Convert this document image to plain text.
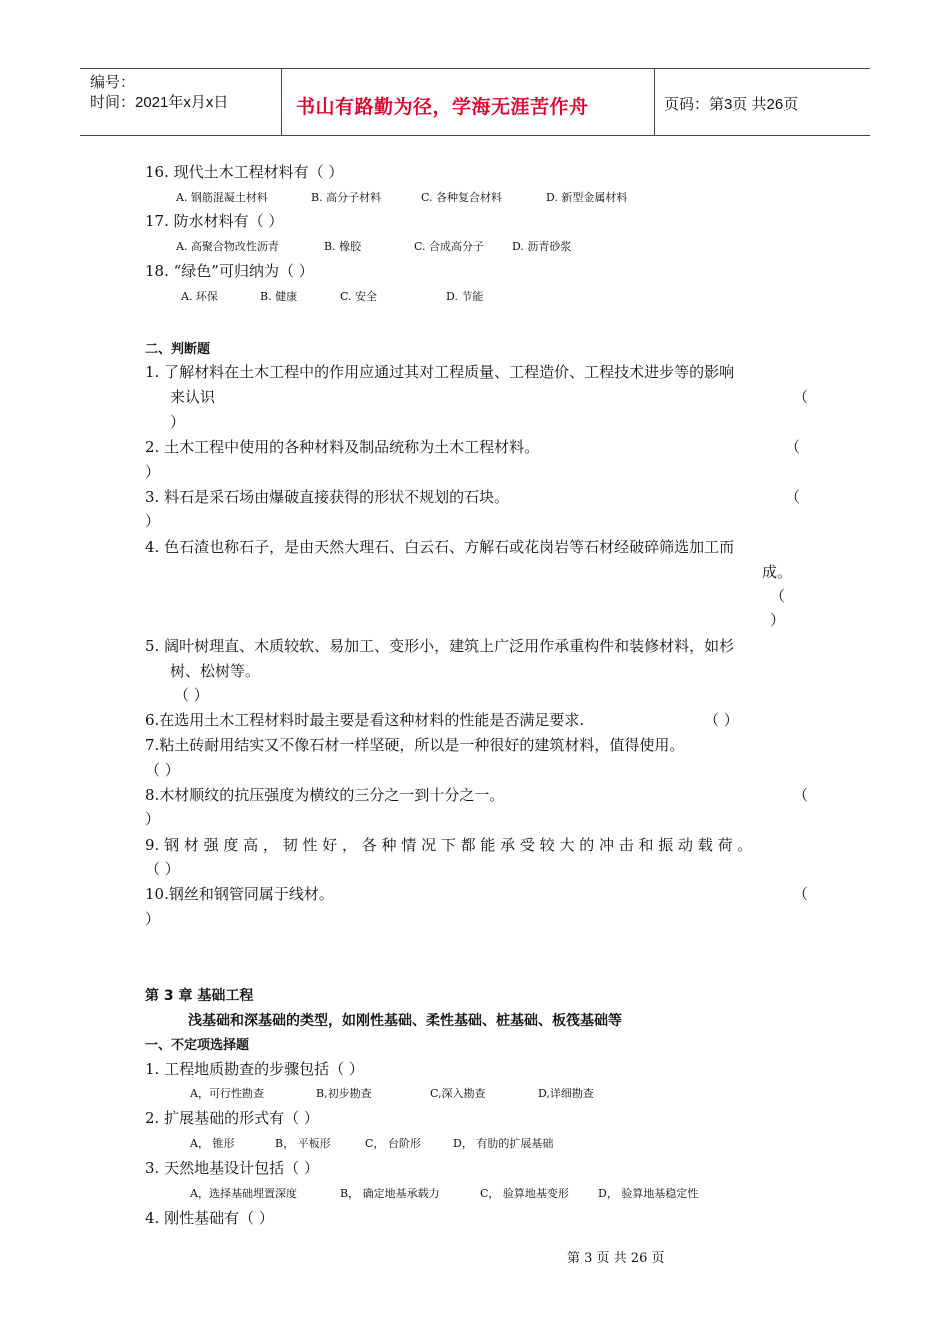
编号：
时间：2021年x月x日	书山有路勤为径，学海无涯苦作舟	页码：第3页 共26页
16. 现代土木工程材料有（ ）
A. 钢筋混凝土材料	B. 高分子材料	C. 各种复合材料	D. 新型金属材料
17. 防水材料有（ ）
A. 高聚合物改性沥青	B. 橡胶	C. 合成高分子	D. 沥青砂浆
18. “绿色”可归纳为（ ）
A. 环保	B. 健康	C. 安全	D. 节能
二、判断题
1. 了解材料在土木工程中的作用应通过其对工程质量、工程造价、工程技术进步等的影响
来认识	（
）
2. 土木工程中使用的各种材料及制品统称为土木工程材料。	（
）
3. 料石是采石场由爆破直接获得的形状不规划的石块。	（
）
4. 色石渣也称石子，是由天然大理石、白云石、方解石或花岗岩等石材经破碎筛选加工而
成。
（
）
5. 阔叶树理直、木质较软、易加工、变形小，建筑上广泛用作承重构件和装修材料，如杉
树、松树等。
（ ）
6.在选用土木工程材料时最主要是看这种材料的性能是否满足要求.	（ ）
7.粘土砖耐用结实又不像石材一样坚硬，所以是一种很好的建筑材料，值得使用。
（ ）
8.木材顺纹的抗压强度为横纹的三分之一到十分之一。	（
）
9. 钢 材 强 度 高 ， 韧 性 好 ， 各 种 情 况 下 都 能 承 受 较 大 的 冲 击 和 振 动 载 荷 。
（ ）
10.钢丝和钢管同属于线材。	（
）
第 3 章 基础工程
浅基础和深基础的类型，如刚性基础、柔性基础、桩基础、板筏基础等
一、不定项选择题
1. 工程地质勘查的步骤包括（ ）
A，可行性勘查	B,初步勘查	C,深入勘查	D,详细勘查
2. 扩展基础的形式有（ ）
A， 锥形	B， 平板形	C， 台阶形	D， 有肋的扩展基础
3. 天然地基设计包括（ ）
A，选择基础埋置深度	B， 确定地基承载力	C， 验算地基变形	D， 验算地基稳定性
4. 刚性基础有（ ）
第 3 页 共 26 页
